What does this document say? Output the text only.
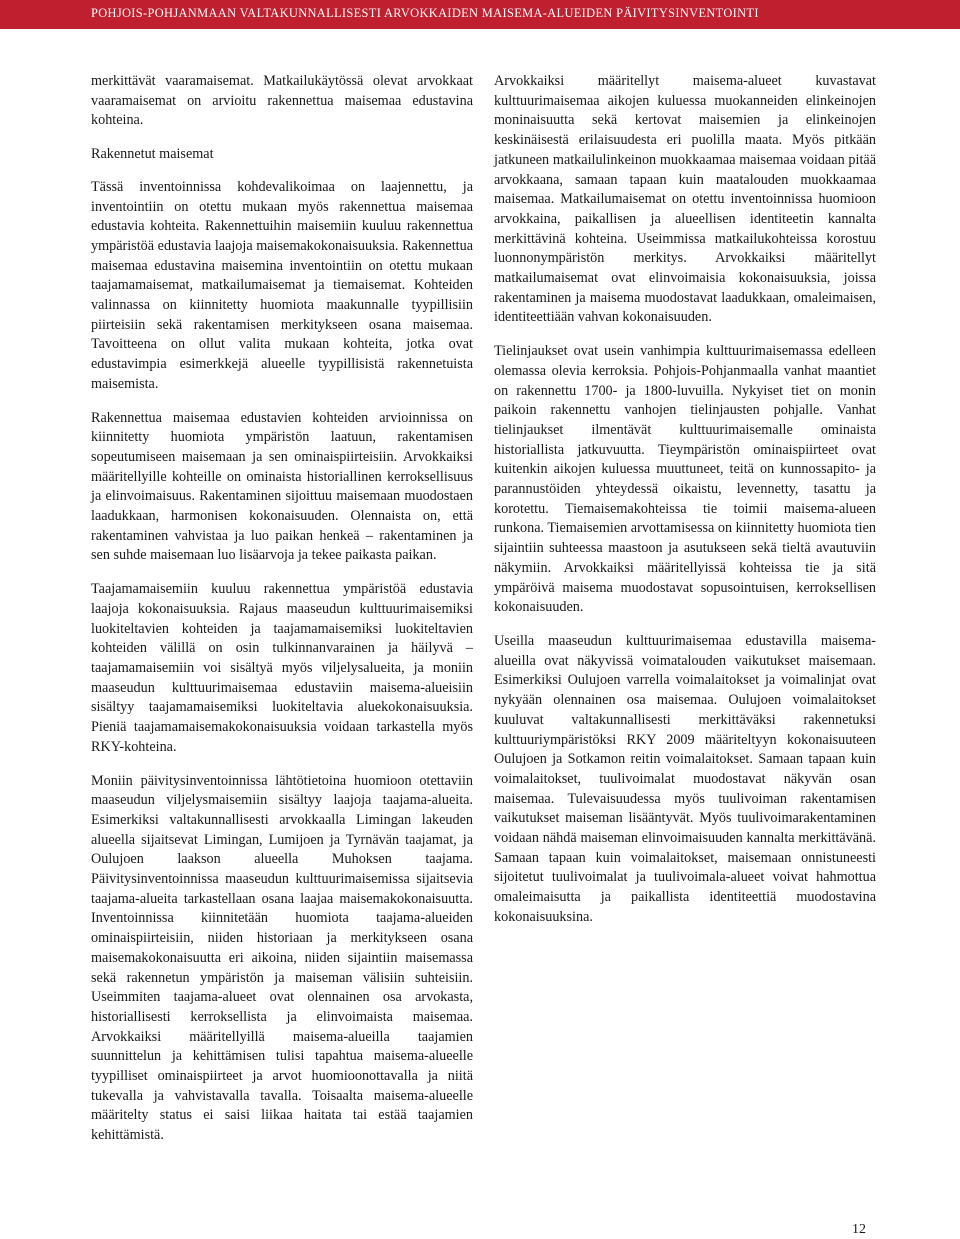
POHJOIS-POHJANMAAN VALTAKUNNALLISESTI ARVOKKAIDEN MAISEMA-ALUEIDEN PÄIVITYSINVENTOINTI

merkittävät vaaramaisemat. Matkailukäytössä olevat arvokkaat vaaramaisemat on arvioitu rakennettua maisemaa edustavina kohteina.

Rakennetut maisemat

Tässä inventoinnissa kohdevalikoimaa on laajennettu, ja inventointiin on otettu mukaan myös rakennettua maisemaa edustavia kohteita. Rakennettuihin maisemiin kuuluu rakennettua ympäristöä edustavia laajoja maisemakokonaisuuksia. Rakennettua maisemaa edustavina maisemina inventointiin on otettu mukaan taajamamaisemat, matkailumaisemat ja tiemaisemat. Kohteiden valinnassa on kiinnitetty huomiota maakunnalle tyypillisiin piirteisiin sekä rakentamisen merkitykseen osana maisemaa. Tavoitteena on ollut valita mukaan kohteita, jotka ovat edustavimpia esimerkkejä alueelle tyypillisistä rakennetuista maisemista.

Rakennettua maisemaa edustavien kohteiden arvioinnissa on kiinnitetty huomiota ympäristön laatuun, rakentamisen sopeutumiseen maisemaan ja sen ominaispiirteisiin. Arvokkaiksi määritellyille kohteille on ominaista historiallinen kerroksellisuus ja elinvoimaisuus. Rakentaminen sijoittuu maisemaan muodostaen laadukkaan, harmonisen kokonaisuuden. Olennaista on, että rakentaminen vahvistaa ja luo paikan henkeä – rakentaminen ja sen suhde maisemaan luo lisäarvoja ja tekee paikasta paikan.

Taajamamaisemiin kuuluu rakennettua ympäristöä edustavia laajoja kokonaisuuksia. Rajaus maaseudun kulttuurimaisemiksi luokiteltavien kohteiden ja taajamamaisemiksi luokiteltavien kohteiden välillä on osin tulkinnanvarainen ja häilyvä – taajamamaisemiin voi sisältyä myös viljelysalueita, ja moniin maaseudun kulttuurimaisemaa edustaviin maisema-alueisiin sisältyy taajamamaisemiksi luokiteltavia aluekokonaisuuksia. Pieniä taajamamaisemakokonaisuuksia voidaan tarkastella myös RKY-kohteina.

Moniin päivitysinventoinnissa lähtötietoina huomioon otettaviin maaseudun viljelysmaisemiin sisältyy laajoja taajama-alueita. Esimerkiksi valtakunnallisesti arvokkaalla Limingan lakeuden alueella sijaitsevat Limingan, Lumijoen ja Tyrnävän taajamat, ja Oulujoen laakson alueella Muhoksen taajama. Päivitysinventoinnissa maaseudun kulttuurimaisemissa sijaitsevia taajama-alueita tarkastellaan osana laajaa maisemakokonaisuutta. Inventoinnissa kiinnitetään huomiota taajama-alueiden ominaispiirteisiin, niiden historiaan ja merkitykseen osana maisemakokonaisuutta eri aikoina, niiden sijaintiin maisemassa sekä rakennetun ympäristön ja maiseman välisiin suhteisiin. Useimmiten taajama-alueet ovat olennainen osa arvokasta, historiallisesti kerroksellista ja elinvoimaista maisemaa. Arvokkaiksi määritellyillä maisema-alueilla taajamien suunnittelun ja kehittämisen tulisi tapahtua maisema-alueelle tyypilliset ominaispiirteet ja arvot huomioonottavalla ja niitä tukevalla ja vahvistavalla tavalla. Toisaalta maisema-alueelle määritelty status ei saisi liikaa haitata tai estää taajamien kehittämistä.

Arvokkaiksi määritellyt maisema-alueet kuvastavat kulttuurimaisemaa aikojen kuluessa muokanneiden elinkeinojen moninaisuutta sekä kertovat maisemien ja elinkeinojen keskinäisestä erilaisuudesta eri puolilla maata. Myös pitkään jatkuneen matkailulinkeinon muokkaamaa maisemaa voidaan pitää arvokkaana, samaan tapaan kuin maatalouden muokkaamaa maisemaa. Matkailumaisemat on otettu inventoinnissa huomioon arvokkaina, paikallisen ja alueellisen identiteetin kannalta merkittävinä kohteina. Useimmissa matkailukohteissa korostuu luonnonympäristön merkitys. Arvokkaiksi määritellyt matkailumaisemat ovat elinvoimaisia kokonaisuuksia, joissa rakentaminen ja maisema muodostavat laadukkaan, omaleimaisen, identiteettiään vahvan kokonaisuuden.

Tielinjaukset ovat usein vanhimpia kulttuurimaisemassa edelleen olemassa olevia kerroksia. Pohjois-Pohjanmaalla vanhat maantiet on rakennettu 1700- ja 1800-luvuilla. Nykyiset tiet on monin paikoin rakennettu vanhojen tielinjausten pohjalle. Vanhat tielinjaukset ilmentävät kulttuurimaisemalle ominaista historiallista jatkuvuutta. Tieympäristön ominaispiirteet ovat kuitenkin aikojen kuluessa muuttuneet, teitä on kunnossapito- ja parannustöiden yhteydessä oikaistu, levennetty, tasattu ja korotettu. Tiemaisemakohteissa tie toimii maisema-alueen runkona. Tiemaisemien arvottamisessa on kiinnitetty huomiota tien sijaintiin suhteessa maastoon ja asutukseen sekä tieltä avautuviin näkymiin. Arvokkaiksi määritellyissä kohteissa tie ja sitä ympäröivä maisema muodostavat sopusointuisen, kerroksellisen kokonaisuuden.

Useilla maaseudun kulttuurimaisemaa edustavilla maisema-alueilla ovat näkyvissä voimatalouden vaikutukset maisemaan. Esimerkiksi Oulujoen varrella voimalaitokset ja voimalinjat ovat nykyään olennainen osa maisemaa. Oulujoen voimalaitokset kuuluvat valtakunnallisesti merkittäväksi rakennetuksi kulttuuriympäristöksi RKY 2009 määriteltyyn kokonaisuuteen Oulujoen ja Sotkamon reitin voimalaitokset. Samaan tapaan kuin voimalaitokset, tuulivoimalat muodostavat näkyvän osan maisemaa. Tulevaisuudessa myös tuulivoiman rakentamisen vaikutukset maiseman lisääntyvät. Myös tuulivoimarakentaminen voidaan nähdä maiseman elinvoimaisuuden kannalta merkittävänä. Samaan tapaan kuin voimalaitokset, maisemaan onnistuneesti sijoitetut tuulivoimalat ja tuulivoimala-alueet voivat hahmottua omaleimaisutta ja paikallista identiteettiä muodostavina kokonaisuuksina.

12
